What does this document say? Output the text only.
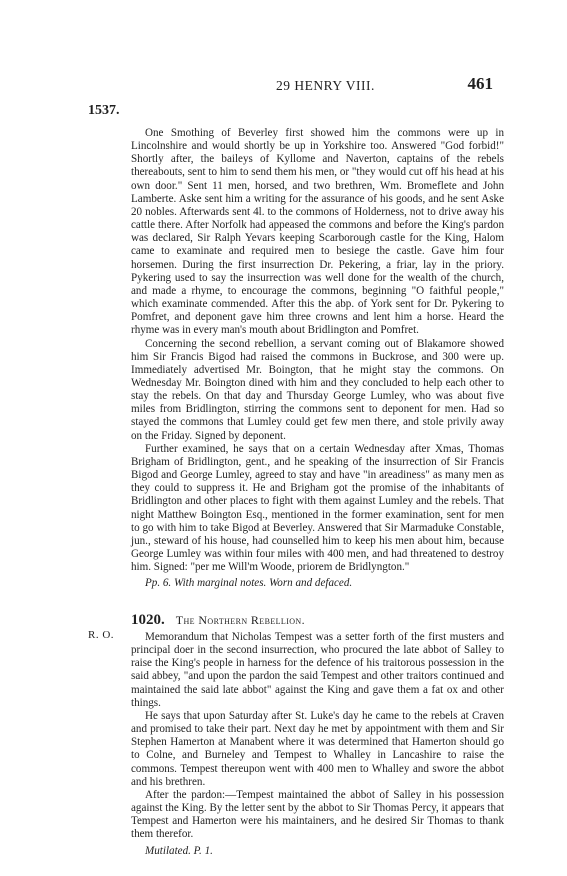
29 HENRY VIII.	461
1537.

One Smothing of Beverley first showed him the commons were up in Lincolnshire and would shortly be up in Yorkshire too. Answered "God forbid!" Shortly after, the baileys of Kyllome and Naverton, captains of the rebels thereabouts, sent to him to send them his men, or "they would cut off his head at his own door." Sent 11 men, horsed, and two brethren, Wm. Bromeflete and John Lamberte. Aske sent him a writing for the assurance of his goods, and he sent Aske 20 nobles. Afterwards sent 4l. to the commons of Holderness, not to drive away his cattle there. After Norfolk had appeased the commons and before the King's pardon was declared, Sir Ralph Yevars keeping Scarborough castle for the King, Halom came to examinate and required men to besiege the castle. Gave him four horsemen. During the first insurrection Dr. Pekering, a friar, lay in the priory. Pykering used to say the insurrection was well done for the wealth of the church, and made a rhyme, to encourage the commons, beginning "O faithful people," which examinate commended. After this the abp. of York sent for Dr. Pykering to Pomfret, and deponent gave him three crowns and lent him a horse. Heard the rhyme was in every man's mouth about Bridlington and Pomfret.

Concerning the second rebellion, a servant coming out of Blakamore showed him Sir Francis Bigod had raised the commons in Buckrose, and 300 were up. Immediately advertised Mr. Boington, that he might stay the commons. On Wednesday Mr. Boington dined with him and they concluded to help each other to stay the rebels. On that day and Thursday George Lumley, who was about five miles from Bridlington, stirring the commons sent to deponent for men. Had so stayed the commons that Lumley could get few men there, and stole privily away on the Friday. Signed by deponent.

Further examined, he says that on a certain Wednesday after Xmas, Thomas Brigham of Bridlington, gent., and he speaking of the insurrection of Sir Francis Bigod and George Lumley, agreed to stay and have "in areadiness" as many men as they could to suppress it. He and Brigham got the promise of the inhabitants of Bridlington and other places to fight with them against Lumley and the rebels. That night Matthew Boington Esq., mentioned in the former examination, sent for men to go with him to take Bigod at Beverley. Answered that Sir Marmaduke Constable, jun., steward of his house, had counselled him to keep his men about him, because George Lumley was within four miles with 400 men, and had threatened to destroy him. Signed: "per me Will'm Woode, priorem de Bridlyngton."

Pp. 6. With marginal notes. Worn and defaced.

1020. The Northern Rebellion.
R. O.	Memorandum that Nicholas Tempest was a setter forth of the first musters and principal doer in the second insurrection, who procured the late abbot of Salley to raise the King's people in harness for the defence of his traitorous possession in the said abbey, "and upon the pardon the said Tempest and other traitors continued and maintained the said late abbot" against the King and gave them a fat ox and other things.

He says that upon Saturday after St. Luke's day he came to the rebels at Craven and promised to take their part. Next day he met by appointment with them and Sir Stephen Hamerton at Manabent where it was determined that Hamerton should go to Colne, and Burneley and Tempest to Whalley in Lancashire to raise the commons. Tempest thereupon went with 400 men to Whalley and swore the abbot and his brethren.

After the pardon:—Tempest maintained the abbot of Salley in his possession against the King. By the letter sent by the abbot to Sir Thomas Percy, it appears that Tempest and Hamerton were his maintainers, and he desired Sir Thomas to thank them therefor.

Mutilated. P. 1.
